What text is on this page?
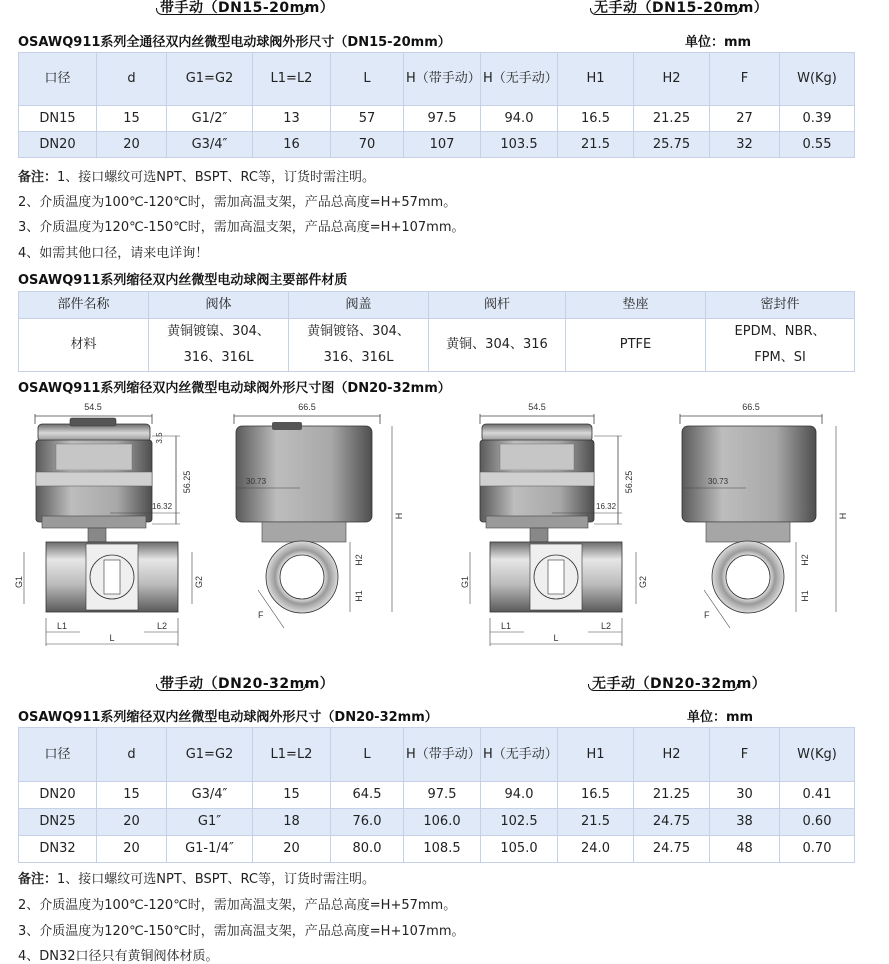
带手动（DN15-20mm）	无手动（DN15-20mm）
OSAWQ911系列全通径双内丝微型电动球阀外形尺寸（DN15-20mm）	单位：mm
口径	d	G1=G2	L1=L2	L	H（带手动）	H（无手动）	H1	H2	F	W(Kg)
DN15	15	G1/2″	13	57	97.5	94.0	16.5	21.25	27	0.39
DN20	20	G3/4″	16	70	107	103.5	21.5	25.75	32	0.55
备注：1、接口螺纹可选NPT、BSPT、RC等，订货时需注明。
2、介质温度为100℃-120℃时，需加高温支架，产品总高度=H+57mm。
3、介质温度为120℃-150℃时，需加高温支架，产品总高度=H+107mm。
4、如需其他口径，请来电详询！
OSAWQ911系列缩径双内丝微型电动球阀主要部件材质
部件名称	阀体	阀盖	阀杆	垫座	密封件
材料	黄铜镀镍、304、316、316L	黄铜镀铬、304、316、316L	黄铜、304、316	PTFE	EPDM、NBR、FPM、SI
OSAWQ911系列缩径双内丝微型电动球阀外形尺寸图（DN20-32mm）
54.5
56.25
3.5
16.32
G1	G2
L1	L2
L
66.5
30.73
H
H2
H1
F
54.5
56.25
16.32
G1	G2
L1	L2
L
66.5
30.73
H
H2
H1
F
带手动（DN20-32mm）	无手动（DN20-32mm）
OSAWQ911系列缩径双内丝微型电动球阀外形尺寸（DN20-32mm）	单位：mm
口径	d	G1=G2	L1=L2	L	H（带手动）	H（无手动）	H1	H2	F	W(Kg)
DN20	15	G3/4″	15	64.5	97.5	94.0	16.5	21.25	30	0.41
DN25	20	G1″	18	76.0	106.0	102.5	21.5	24.75	38	0.60
DN32	20	G1-1/4″	20	80.0	108.5	105.0	24.0	24.75	48	0.70
备注：1、接口螺纹可选NPT、BSPT、RC等，订货时需注明。
2、介质温度为100℃-120℃时，需加高温支架，产品总高度=H+57mm。
3、介质温度为120℃-150℃时，需加高温支架，产品总高度=H+107mm。
4、DN32口径只有黄铜阀体材质。
